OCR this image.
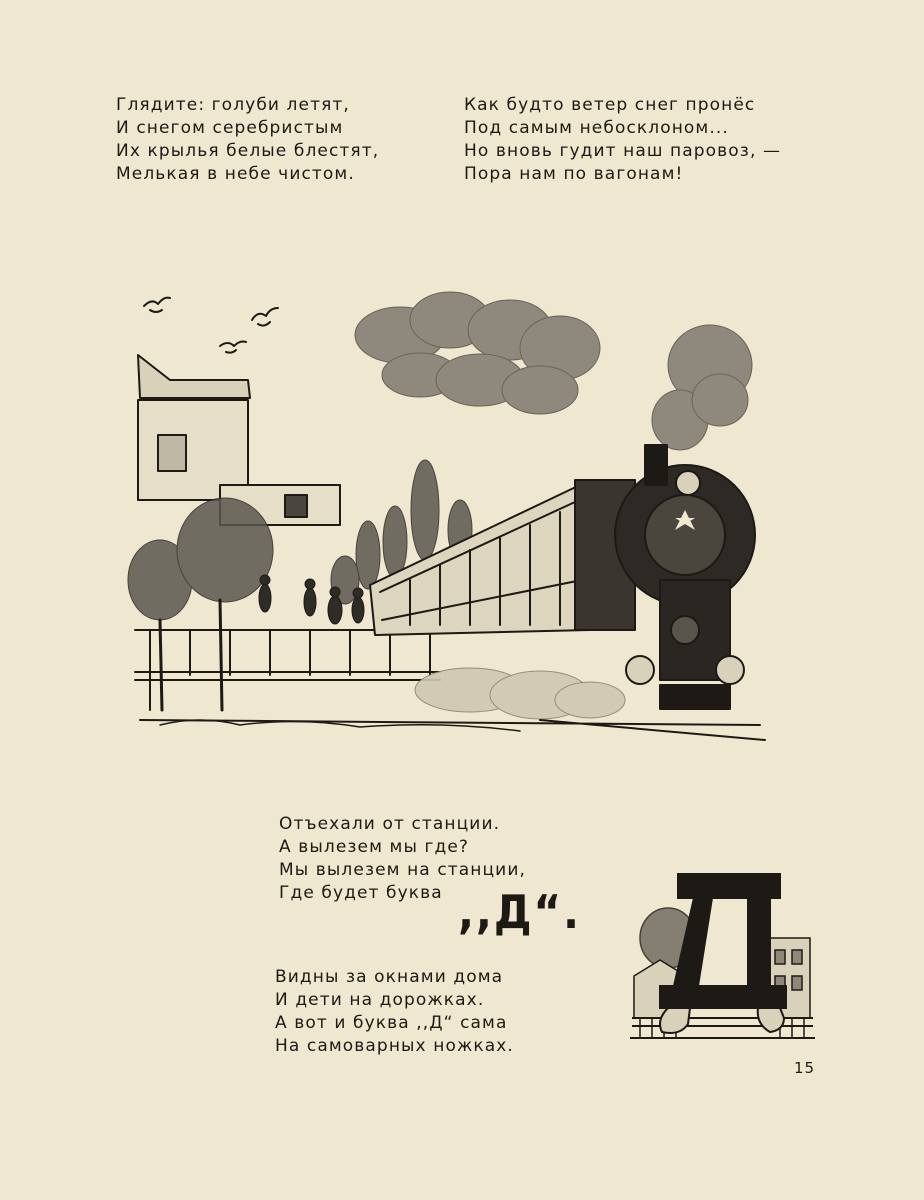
Глядите: голуби летят,

И снегом серебристым

Их крылья белые блестят,

Мелькая в небе чистом.

Как будто ветер снег пронёс

Под самым небосклоном...

Но вновь гудит наш паровоз, —

Пора нам по вагонам!

Отъехали от станции.

А вылезем мы где?

Мы вылезем на станции,

Где будет буква ,,Д“.

Видны за окнами дома

И дети на дорожках.

А вот и буква ,,Д“ сама

На самоварных ножках.

15
